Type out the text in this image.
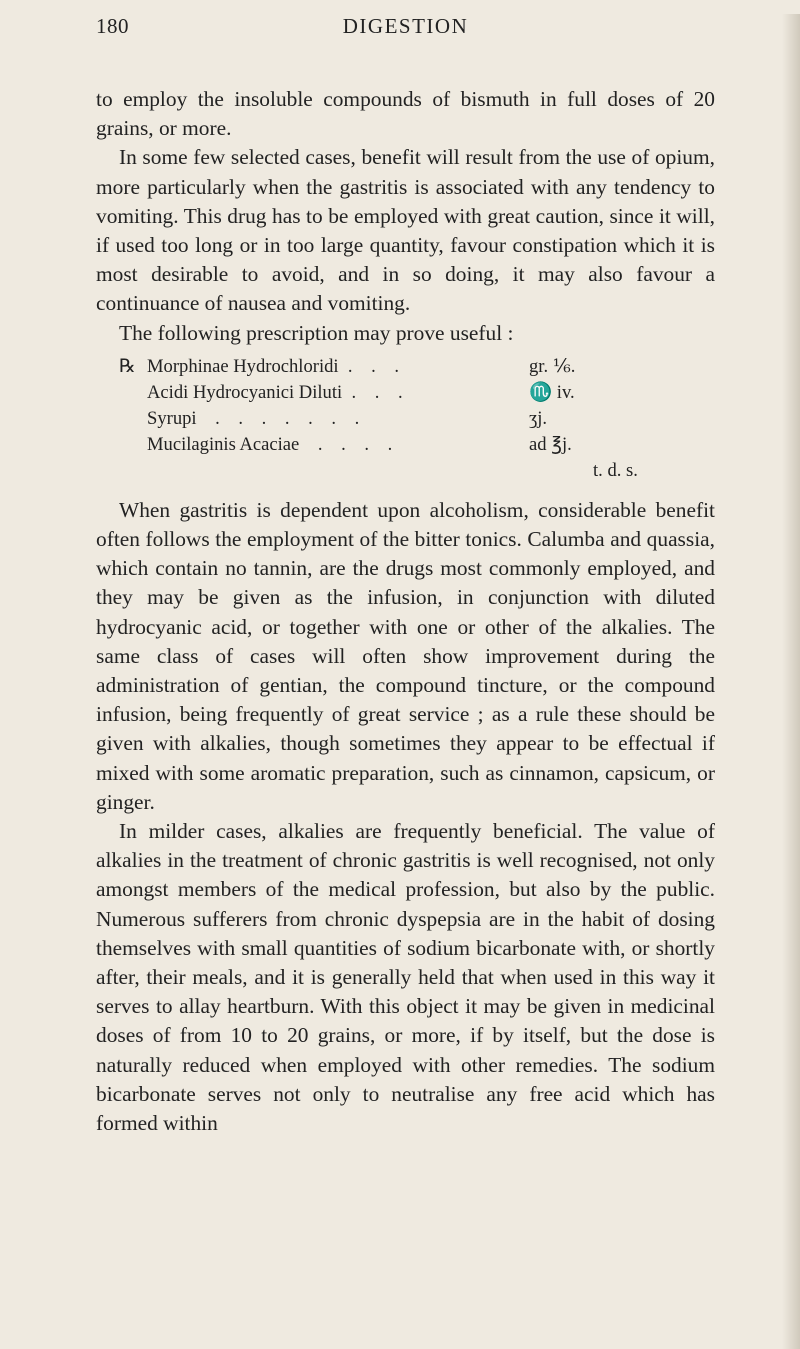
180	DIGESTION

to employ the insoluble compounds of bismuth in full doses of 20 grains, or more.

In some few selected cases, benefit will result from the use of opium, more particularly when the gastritis is associated with any tendency to vomiting. This drug has to be employed with great caution, since it will, if used too long or in too large quantity, favour constipation which it is most desirable to avoid, and in so doing, it may also favour a continuance of nausea and vomiting.

The following prescription may prove useful :

℞ Morphinae Hydrochloridi  .    .    .	gr. ⅙.
Acidi Hydrocyanici Diluti  .    .    .	♏ iv.
Syrupi    .    .    .    .    .    .    .	ʒj.
Mucilaginis Acaciae    .    .    .    .	ad ℥j.
t. d. s.

When gastritis is dependent upon alcoholism, considerable benefit often follows the employment of the bitter tonics. Calumba and quassia, which contain no tannin, are the drugs most commonly employed, and they may be given as the infusion, in conjunction with diluted hydrocyanic acid, or together with one or other of the alkalies. The same class of cases will often show improvement during the administration of gentian, the compound tincture, or the compound infusion, being frequently of great service ; as a rule these should be given with alkalies, though sometimes they appear to be effectual if mixed with some aromatic preparation, such as cinnamon, capsicum, or ginger.

In milder cases, alkalies are frequently beneficial. The value of alkalies in the treatment of chronic gastritis is well recognised, not only amongst members of the medical profession, but also by the public. Numerous sufferers from chronic dyspepsia are in the habit of dosing themselves with small quantities of sodium bicarbonate with, or shortly after, their meals, and it is generally held that when used in this way it serves to allay heartburn. With this object it may be given in medicinal doses of from 10 to 20 grains, or more, if by itself, but the dose is naturally reduced when employed with other remedies. The sodium bicarbonate serves not only to neutralise any free acid which has formed within
